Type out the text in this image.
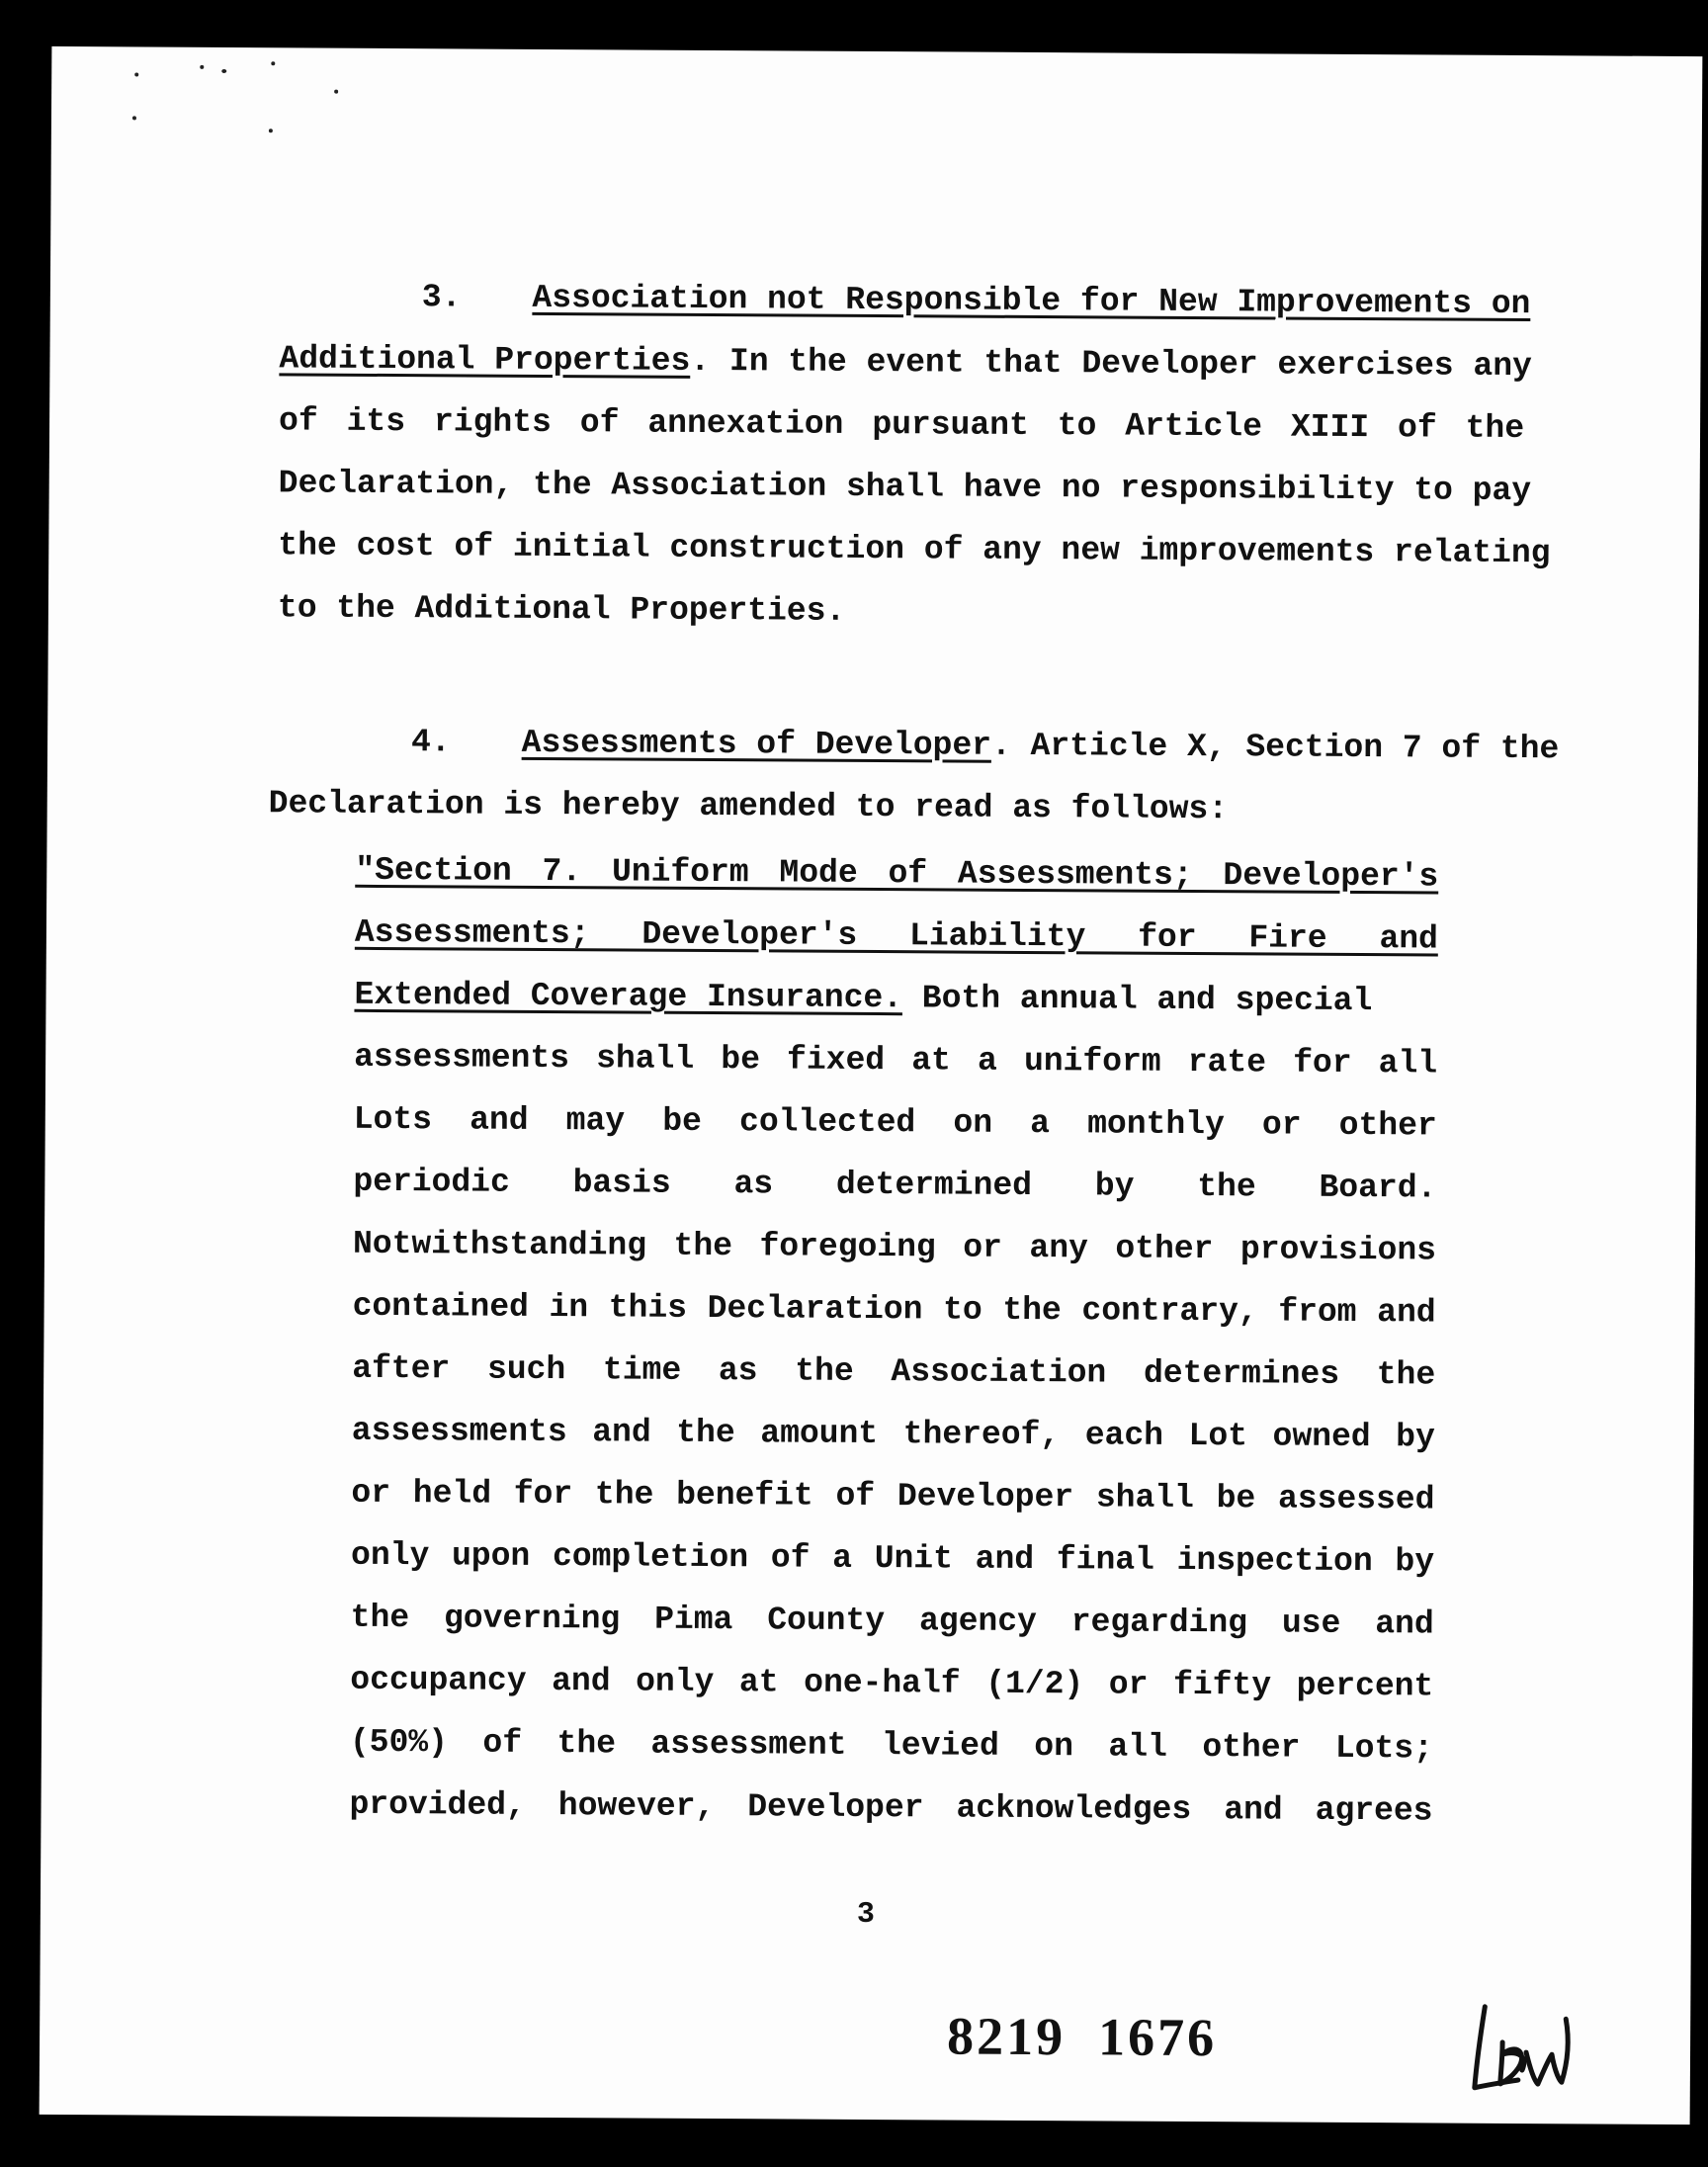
3. Association not Responsible for New Improvements on
Additional Properties. In the event that Developer exercises any
of its rights of annexation pursuant to Article XIII of the
Declaration, the Association shall have no responsibility to pay
the cost of initial construction of any new improvements relating
to the Additional Properties.
4. Assessments of Developer. Article X, Section 7 of the
Declaration is hereby amended to read as follows:
"Section 7. Uniform Mode of Assessments; Developer's
Assessments; Developer's Liability for Fire and
Extended Coverage Insurance. Both annual and special
assessments shall be fixed at a uniform rate for all
Lots and may be collected on a monthly or other
periodic basis as determined by the Board.
Notwithstanding the foregoing or any other provisions
contained in this Declaration to the contrary, from and
after such time as the Association determines the
assessments and the amount thereof, each Lot owned by
or held for the benefit of Developer shall be assessed
only upon completion of a Unit and final inspection by
the governing Pima County agency regarding use and
occupancy and only at one-half (1/2) or fifty percent
(50%) of the assessment levied on all other Lots;
provided, however, Developer acknowledges and agrees
3
8219  1676
